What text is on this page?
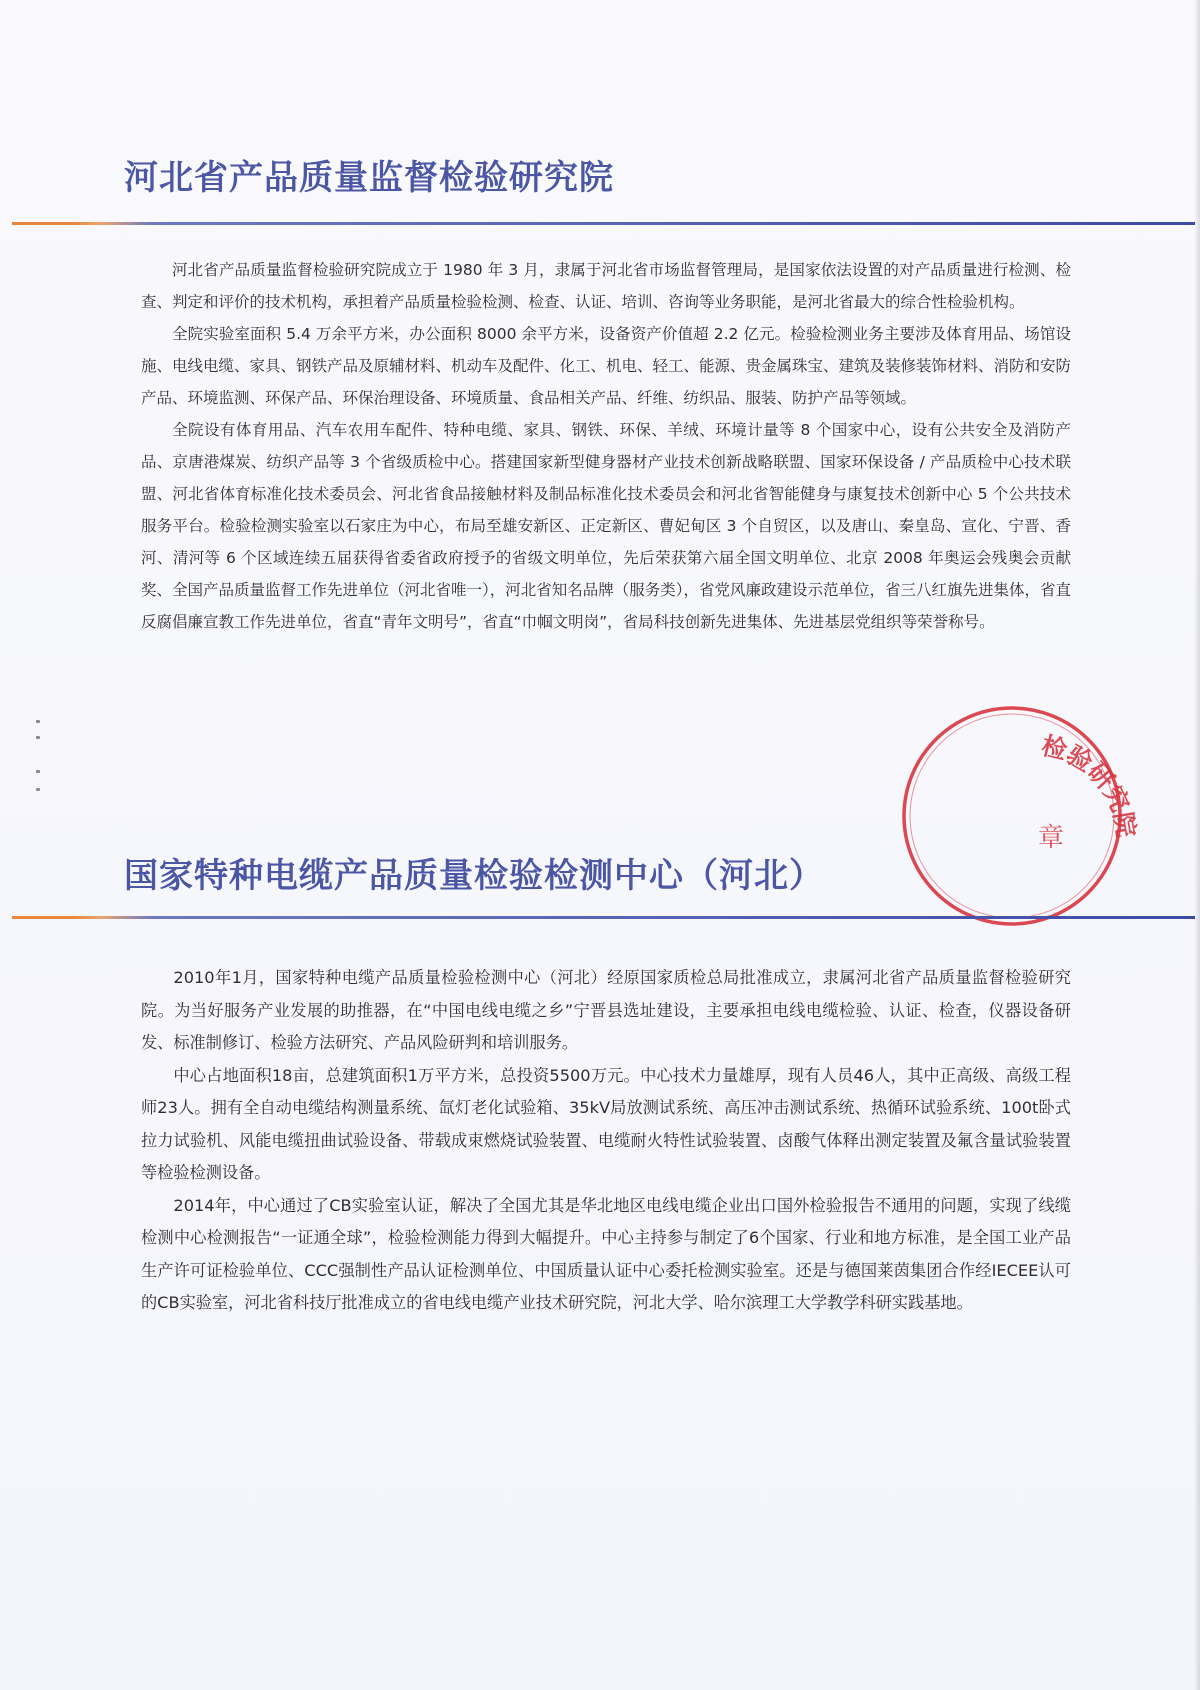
河北省产品质量监督检验研究院

河北省产品质量监督检验研究院成立于 1980 年 3 月，隶属于河北省市场监督管理局，是国家依法设置的对产品质量进行检测、检查、判定和评价的技术机构，承担着产品质量检验检测、检查、认证、培训、咨询等业务职能，是河北省最大的综合性检验机构。

全院实验室面积 5.4 万余平方米，办公面积 8000 余平方米，设备资产价值超 2.2 亿元。检验检测业务主要涉及体育用品、场馆设施、电线电缆、家具、钢铁产品及原辅材料、机动车及配件、化工、机电、轻工、能源、贵金属珠宝、建筑及装修装饰材料、消防和安防产品、环境监测、环保产品、环保治理设备、环境质量、食品相关产品、纤维、纺织品、服装、防护产品等领域。

全院设有体育用品、汽车农用车配件、特种电缆、家具、钢铁、环保、羊绒、环境计量等 8 个国家中心，设有公共安全及消防产品、京唐港煤炭、纺织产品等 3 个省级质检中心。搭建国家新型健身器材产业技术创新战略联盟、国家环保设备 / 产品质检中心技术联盟、河北省体育标准化技术委员会、河北省食品接触材料及制品标准化技术委员会和河北省智能健身与康复技术创新中心 5 个公共技术服务平台。检验检测实验室以石家庄为中心，布局至雄安新区、正定新区、曹妃甸区 3 个自贸区，以及唐山、秦皇岛、宣化、宁晋、香河、清河等 6 个区域连续五届获得省委省政府授予的省级文明单位，先后荣获第六届全国文明单位、北京 2008 年奥运会残奥会贡献奖、全国产品质量监督工作先进单位（河北省唯一），河北省知名品牌（服务类），省党风廉政建设示范单位，省三八红旗先进集体，省直反腐倡廉宣教工作先进单位，省直“青年文明号”，省直“巾帼文明岗”，省局科技创新先进集体、先进基层党组织等荣誉称号。

检验研究院
章
国家特种电缆产品质量检验检测中心（河北）

2010年1月，国家特种电缆产品质量检验检测中心（河北）经原国家质检总局批准成立，隶属河北省产品质量监督检验研究院。为当好服务产业发展的助推器，在“中国电线电缆之乡”宁晋县选址建设，主要承担电线电缆检验、认证、检查，仪器设备研发、标准制修订、检验方法研究、产品风险研判和培训服务。

中心占地面积18亩，总建筑面积1万平方米，总投资5500万元。中心技术力量雄厚，现有人员46人，其中正高级、高级工程师23人。拥有全自动电缆结构测量系统、氙灯老化试验箱、35kV局放测试系统、高压冲击测试系统、热循环试验系统、100t卧式拉力试验机、风能电缆扭曲试验设备、带载成束燃烧试验装置、电缆耐火特性试验装置、卤酸气体释出测定装置及氟含量试验装置等检验检测设备。

2014年，中心通过了CB实验室认证，解决了全国尤其是华北地区电线电缆企业出口国外检验报告不通用的问题，实现了线缆检测中心检测报告“一证通全球”，检验检测能力得到大幅提升。中心主持参与制定了6个国家、行业和地方标准，是全国工业产品生产许可证检验单位、CCC强制性产品认证检测单位、中国质量认证中心委托检测实验室。还是与德国莱茵集团合作经IECEE认可的CB实验室，河北省科技厅批准成立的省电线电缆产业技术研究院，河北大学、哈尔滨理工大学教学科研实践基地。
